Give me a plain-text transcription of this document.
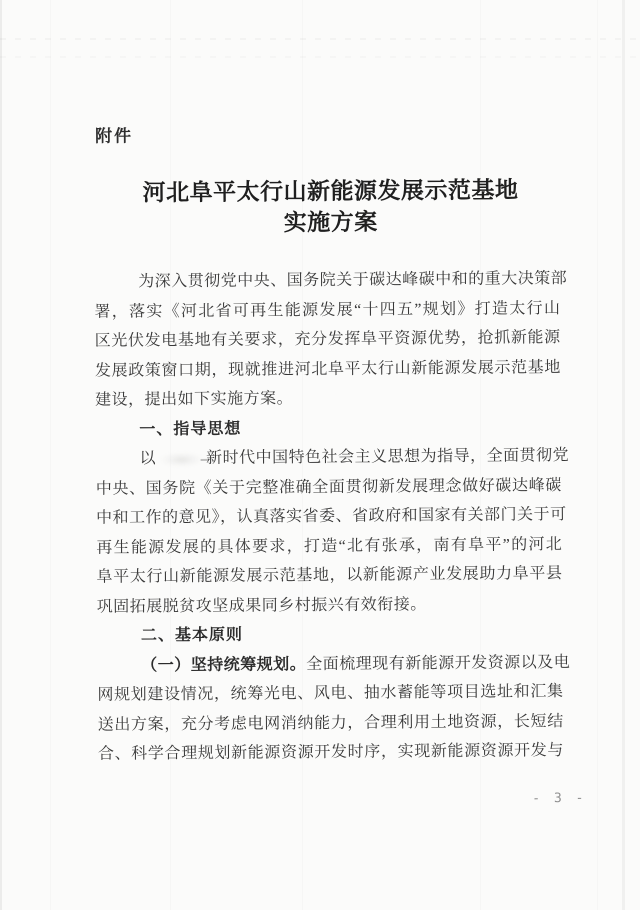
附件
河北阜平太行山新能源发展示范基地
实施方案
为深入贯彻党中央、国务院关于碳达峰碳中和的重大决策部
署，落实《河北省可再生能源发展“十四五”规划》打造太行山
区光伏发电基地有关要求，充分发挥阜平资源优势，抢抓新能源
发展政策窗口期，现就推进河北阜平太行山新能源发展示范基地
建设，提出如下实施方案。
一、指导思想
以	新时代中国特色社会主义思想为指导，全面贯彻党
中央、国务院《关于完整准确全面贯彻新发展理念做好碳达峰碳
中和工作的意见》，认真落实省委、省政府和国家有关部门关于可
再生能源发展的具体要求，打造“北有张承，南有阜平”的河北
阜平太行山新能源发展示范基地，以新能源产业发展助力阜平县
巩固拓展脱贫攻坚成果同乡村振兴有效衔接。
二、基本原则
（一）坚持统筹规划。全面梳理现有新能源开发资源以及电
网规划建设情况，统筹光电、风电、抽水蓄能等项目选址和汇集
送出方案，充分考虑电网消纳能力，合理利用土地资源，长短结
合、科学合理规划新能源资源开发时序，实现新能源资源开发与
- 3 -
